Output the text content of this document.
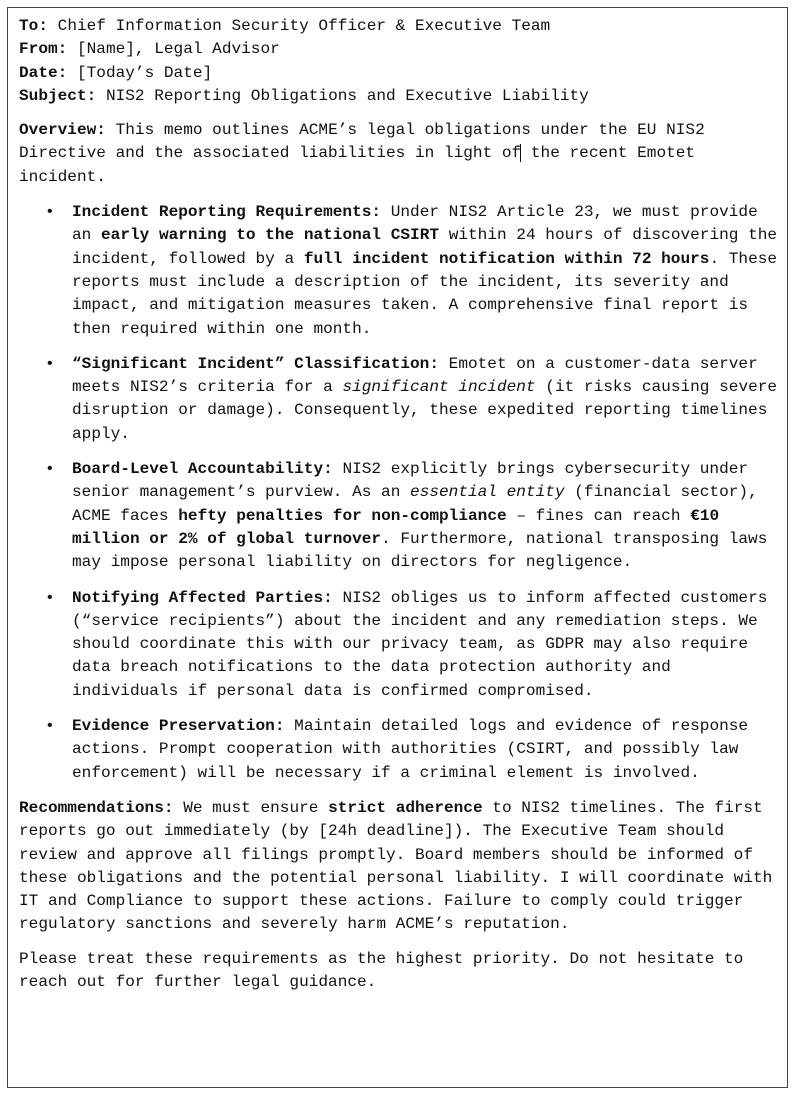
To: Chief Information Security Officer & Executive Team

From: [Name], Legal Advisor

Date: [Today’s Date]

Subject: NIS2 Reporting Obligations and Executive Liability

Overview: This memo outlines ACME’s legal obligations under the EU NIS2 Directive and the associated liabilities in light of the recent Emotet incident.

• Incident Reporting Requirements: Under NIS2 Article 23, we must provide an early warning to the national CSIRT within 24 hours of discovering the incident, followed by a full incident notification within 72 hours. These reports must include a description of the incident, its severity and impact, and mitigation measures taken. A comprehensive final report is then required within one month.
• “Significant Incident” Classification: Emotet on a customer-data server meets NIS2’s criteria for a significant incident (it risks causing severe disruption or damage). Consequently, these expedited reporting timelines apply.
• Board-Level Accountability: NIS2 explicitly brings cybersecurity under senior management’s purview. As an essential entity (financial sector), ACME faces hefty penalties for non-compliance – fines can reach €10 million or 2% of global turnover. Furthermore, national transposing laws may impose personal liability on directors for negligence.
• Notifying Affected Parties: NIS2 obliges us to inform affected customers (“service recipients”) about the incident and any remediation steps. We should coordinate this with our privacy team, as GDPR may also require data breach notifications to the data protection authority and individuals if personal data is confirmed compromised.
• Evidence Preservation: Maintain detailed logs and evidence of response actions. Prompt cooperation with authorities (CSIRT, and possibly law enforcement) will be necessary if a criminal element is involved.

Recommendations: We must ensure strict adherence to NIS2 timelines. The first reports go out immediately (by [24h deadline]). The Executive Team should review and approve all filings promptly. Board members should be informed of these obligations and the potential personal liability. I will coordinate with IT and Compliance to support these actions. Failure to comply could trigger regulatory sanctions and severely harm ACME’s reputation.

Please treat these requirements as the highest priority. Do not hesitate to reach out for further legal guidance.
